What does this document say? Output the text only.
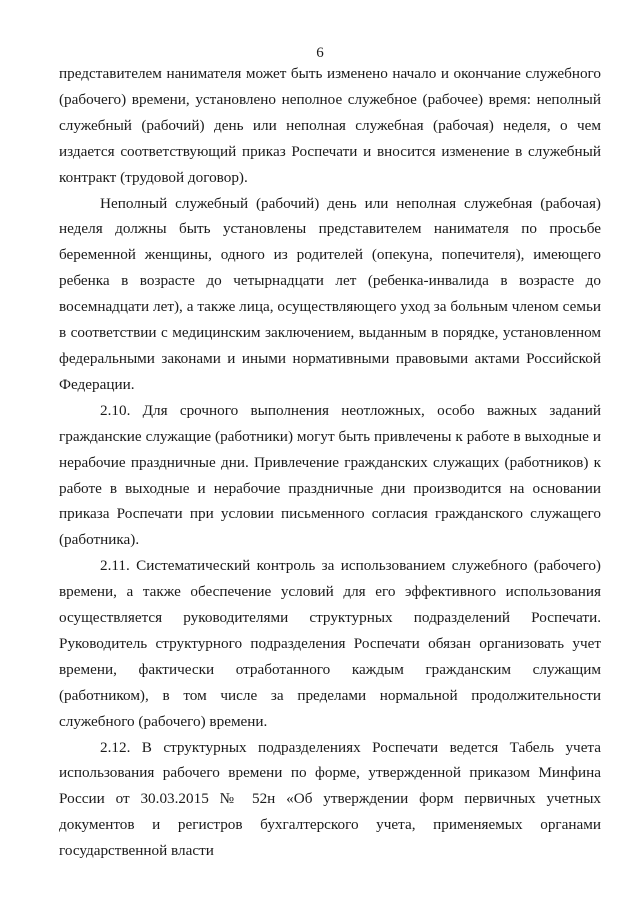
6

представителем нанимателя может быть изменено начало и окончание служебного (рабочего) времени, установлено неполное служебное (рабочее) время: неполный служебный (рабочий) день или неполная служебная (рабочая) неделя, о чем издается соответствующий приказ Роспечати и вносится изменение в служебный контракт (трудовой договор).

Неполный служебный (рабочий) день или неполная служебная (рабочая) неделя должны быть установлены представителем нанимателя по просьбе беременной женщины, одного из родителей (опекуна, попечителя), имеющего ребенка в возрасте до четырнадцати лет (ребенка-инвалида в возрасте до восемнадцати лет), а также лица, осуществляющего уход за больным членом семьи в соответствии с медицинским заключением, выданным в порядке, установленном федеральными законами и иными нормативными правовыми актами Российской Федерации.

2.10. Для срочного выполнения неотложных, особо важных заданий гражданские служащие (работники) могут быть привлечены к работе в выходные и нерабочие праздничные дни. Привлечение гражданских служащих (работников) к работе в выходные и нерабочие праздничные дни производится на основании приказа Роспечати при условии письменного согласия гражданского служащего (работника).

2.11. Систематический контроль за использованием служебного (рабочего) времени, а также обеспечение условий для его эффективного использования осуществляется руководителями структурных подразделений Роспечати. Руководитель структурного подразделения Роспечати обязан организовать учет времени, фактически отработанного каждым гражданским служащим (работником), в том числе за пределами нормальной продолжительности служебного (рабочего) времени.

2.12. В структурных подразделениях Роспечати ведется Табель учета использования рабочего времени по форме, утвержденной приказом Минфина России от 30.03.2015 № 52н «Об утверждении форм первичных учетных документов и регистров бухгалтерского учета, применяемых органами государственной власти
